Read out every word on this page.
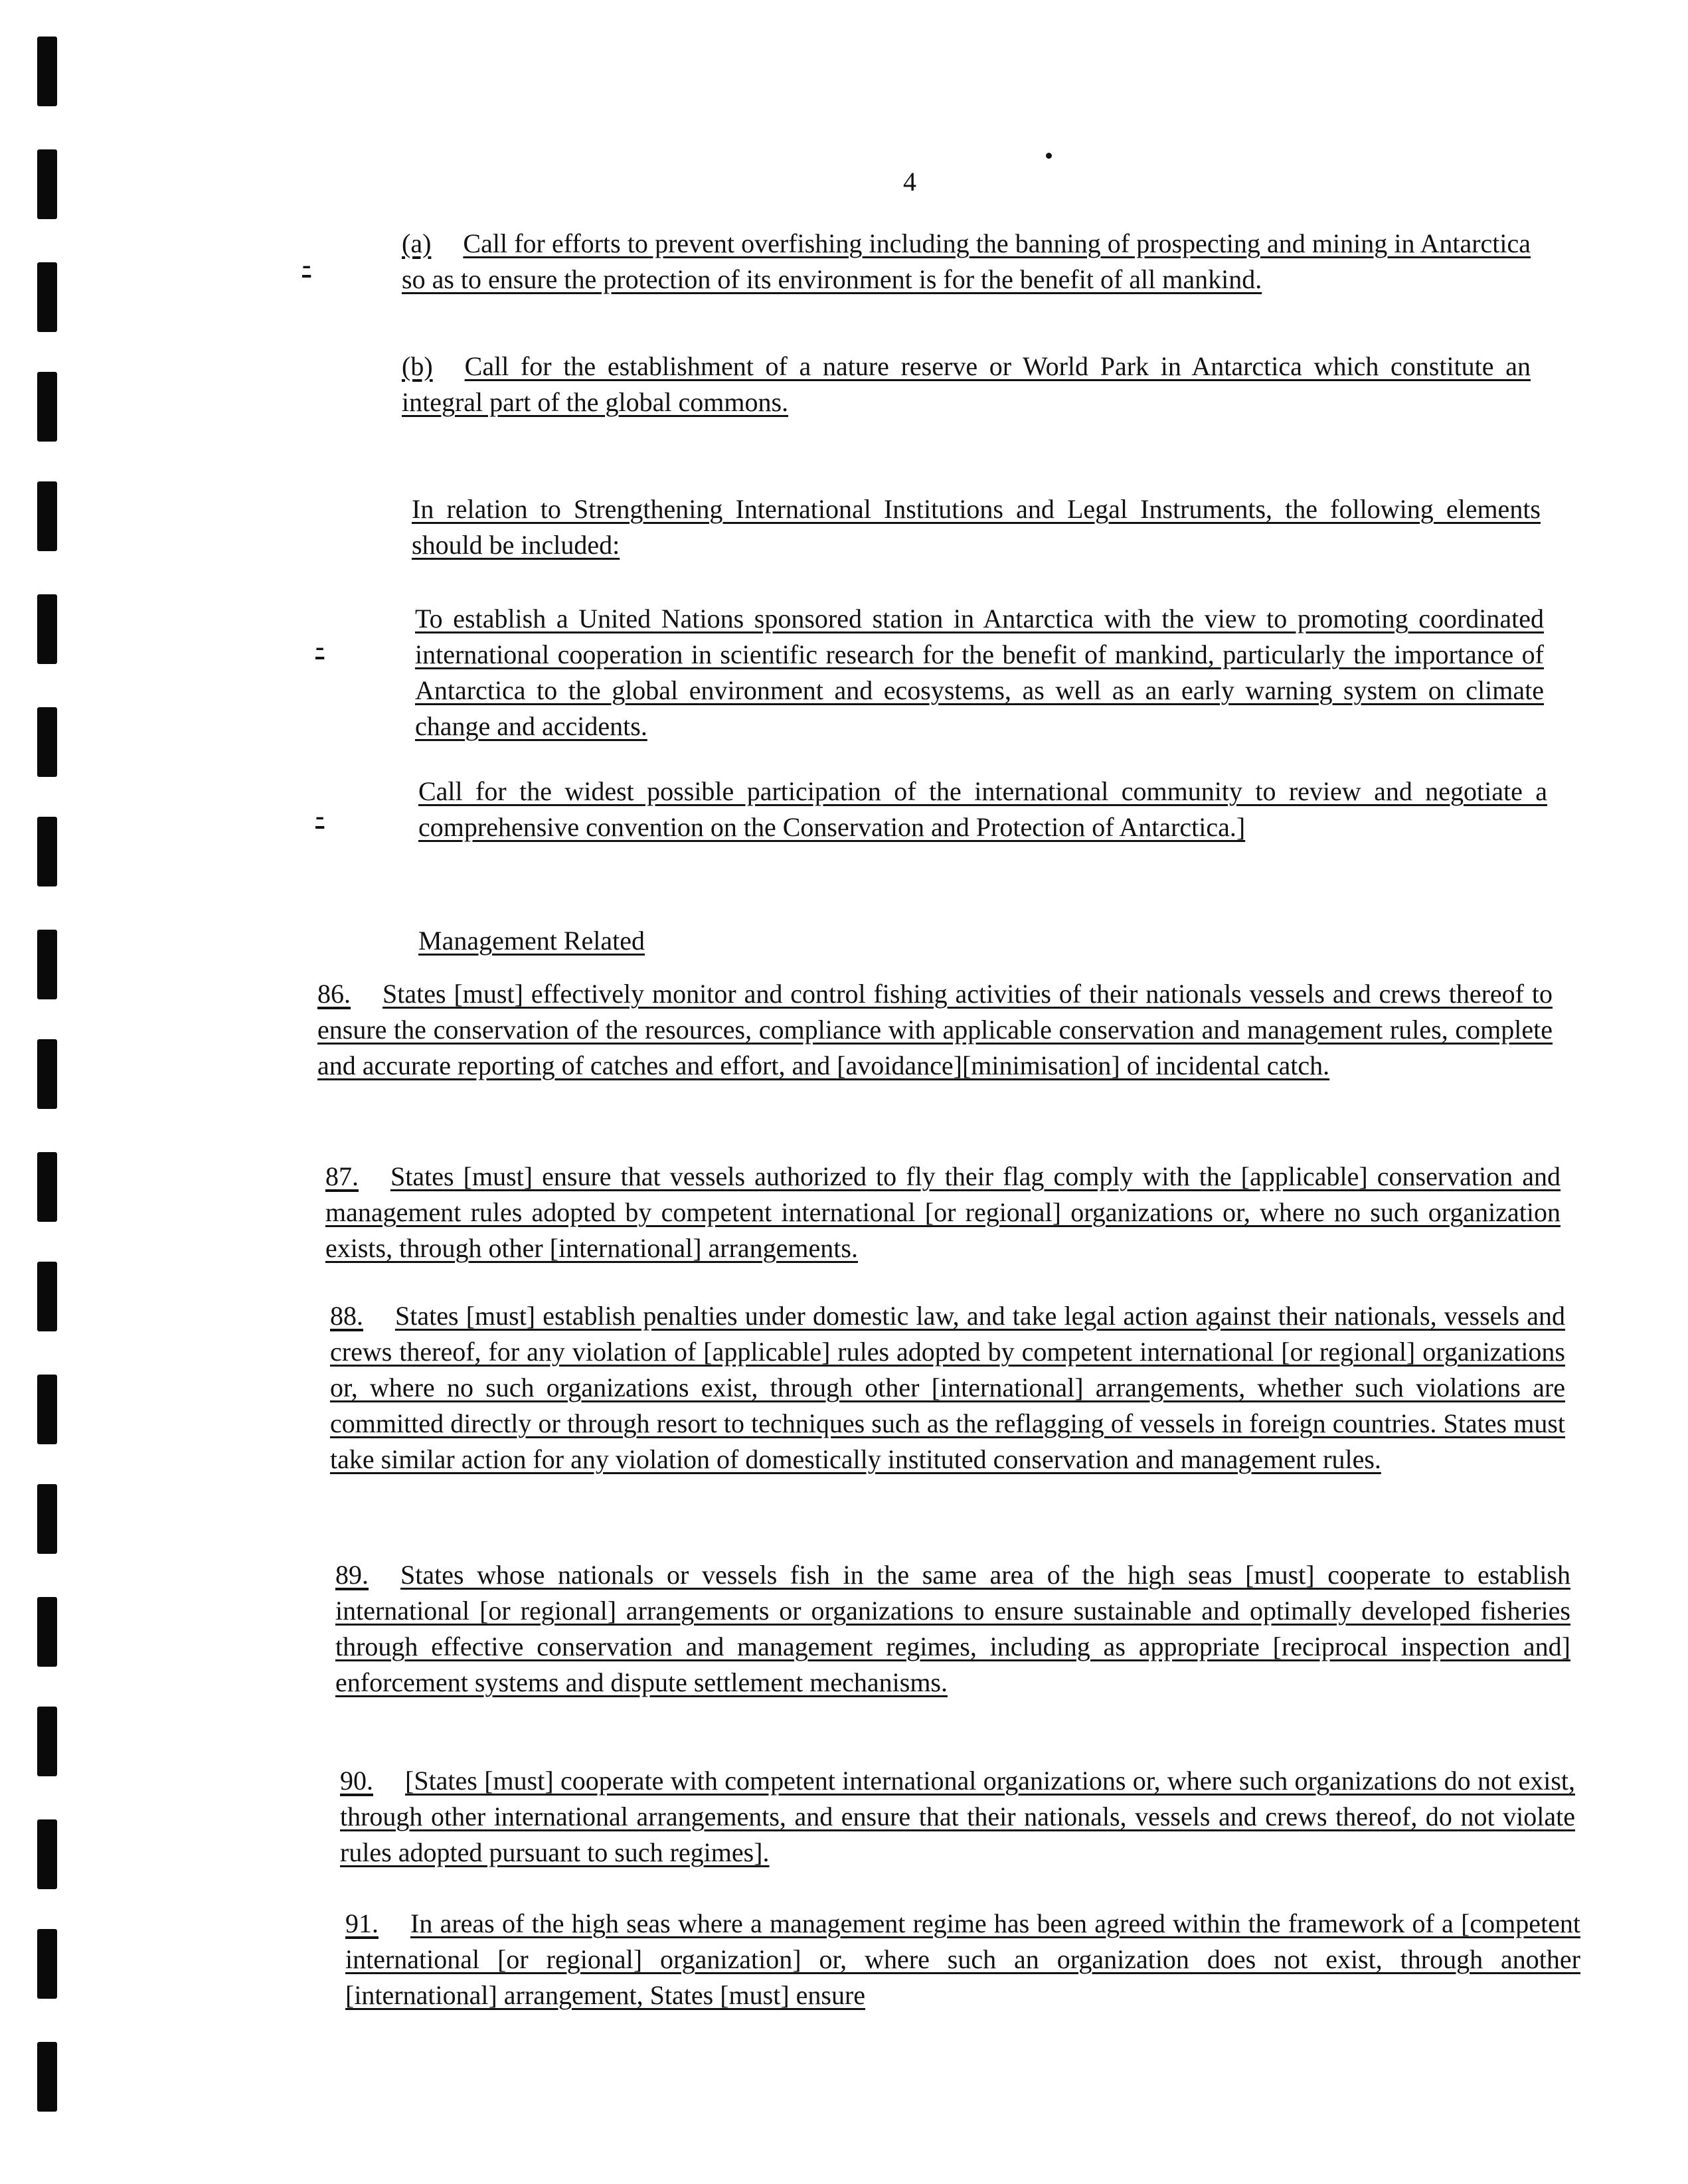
4
(a) Call for efforts to prevent overfishing including the banning of prospecting and mining in Antarctica so as to ensure the protection of its environment is for the benefit of all mankind.
-
(b) Call for the establishment of a nature reserve or World Park in Antarctica which constitute an integral part of the global commons.
In relation to Strengthening International Institutions and Legal Instruments, the following elements should be included:
-
To establish a United Nations sponsored station in Antarctica with the view to promoting coordinated international cooperation in scientific research for the benefit of mankind, particularly the importance of Antarctica to the global environment and ecosystems, as well as an early warning system on climate change and accidents.
-
Call for the widest possible participation of the international community to review and negotiate a comprehensive convention on the Conservation and Protection of Antarctica.]
Management Related
86. States [must] effectively monitor and control fishing activities of their nationals vessels and crews thereof to ensure the conservation of the resources, compliance with applicable conservation and management rules, complete and accurate reporting of catches and effort, and [avoidance][minimisation] of incidental catch.
87. States [must] ensure that vessels authorized to fly their flag comply with the [applicable] conservation and management rules adopted by competent international [or regional] organizations or, where no such organization exists, through other [international] arrangements.
88. States [must] establish penalties under domestic law, and take legal action against their nationals, vessels and crews thereof, for any violation of [applicable] rules adopted by competent international [or regional] organizations or, where no such organizations exist, through other [international] arrangements, whether such violations are committed directly or through resort to techniques such as the reflagging of vessels in foreign countries. States must take similar action for any violation of domestically instituted conservation and management rules.
89. States whose nationals or vessels fish in the same area of the high seas [must] cooperate to establish international [or regional] arrangements or organizations to ensure sustainable and optimally developed fisheries through effective conservation and management regimes, including as appropriate [reciprocal inspection and] enforcement systems and dispute settlement mechanisms.
90. [States [must] cooperate with competent international organizations or, where such organizations do not exist, through other international arrangements, and ensure that their nationals, vessels and crews thereof, do not violate rules adopted pursuant to such regimes].
91. In areas of the high seas where a management regime has been agreed within the framework of a [competent international [or regional] organization] or, where such an organization does not exist, through another [international] arrangement, States [must] ensure
